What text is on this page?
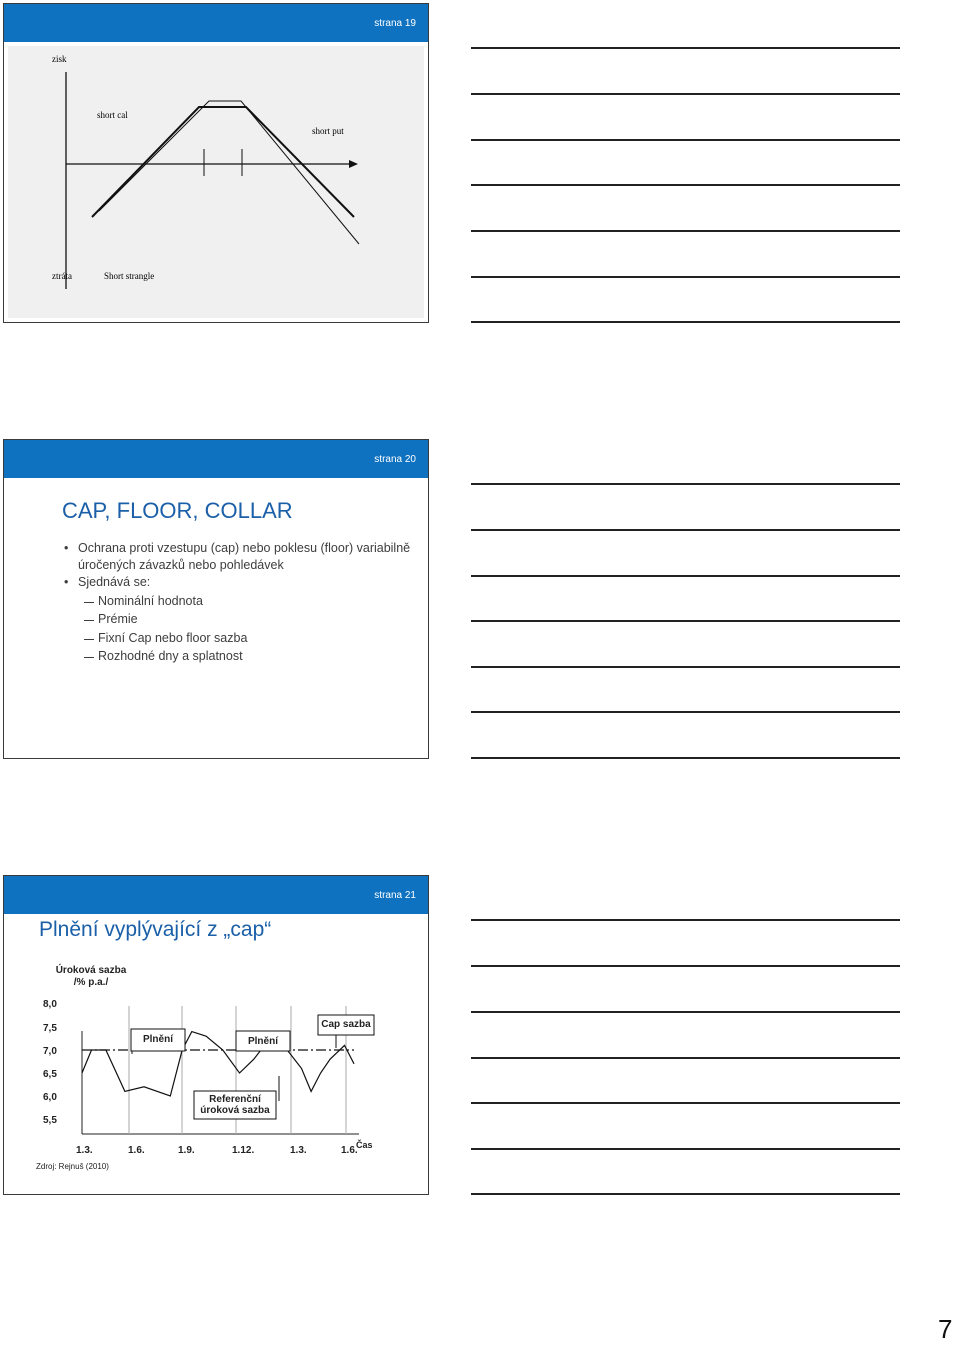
strana 19
zisk
short cal
short put
ztráta	Short strangle
strana 20
CAP, FLOOR, COLLAR
• Ochrana proti vzestupu (cap) nebo poklesu (floor) variabilně úročených závazků nebo pohledávek
• Sjednává se:
Nominální hodnota
Prémie
Fixní Cap nebo floor sazba
Rozhodné dny a splatnost
strana 21
Plnění vyplývající z „cap“
Úroková sazba /% p.a./
8,0
7,5
7,0
6,5
6,0
5,5
Plnění	Plnění
Cap sazba
Referenční úroková sazba
1.3.	1.6.	1.9.	1.12.	1.3.	1.6.
Čas
Zdroj: Rejnuš (2010)
7
